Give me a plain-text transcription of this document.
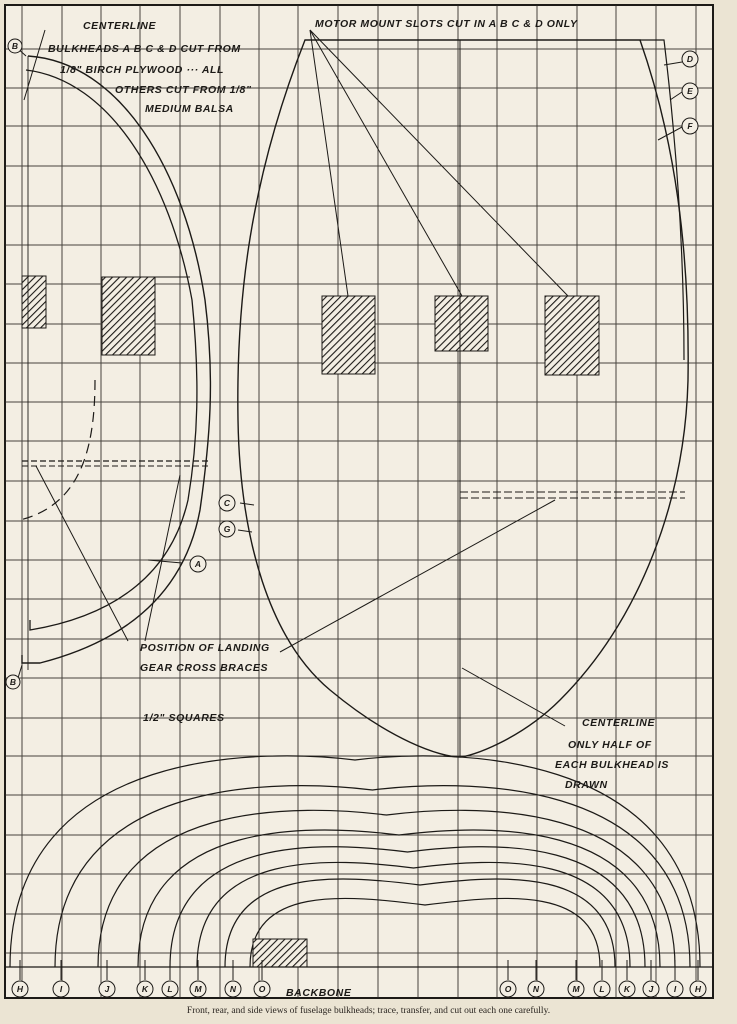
CENTERLINE
BULKHEADS A B C & D CUT FROM
1/8" BIRCH PLYWOOD ··· ALL
OTHERS CUT FROM 1/8"
MEDIUM BALSA
MOTOR MOUNT SLOTS CUT IN A B C & D ONLY
POSITION OF LANDING
GEAR CROSS BRACES
1/2" SQUARES	CENTERLINE
ONLY HALF OF
EACH BULKHEAD IS
DRAWN
BACKBONE
B
B
A
C
G
D
E
F
H	I	J	K L	M	N	O	O	N	M L K J I H
Front, rear, and side views of fuselage bulkheads; trace, transfer, and cut out each one carefully.
